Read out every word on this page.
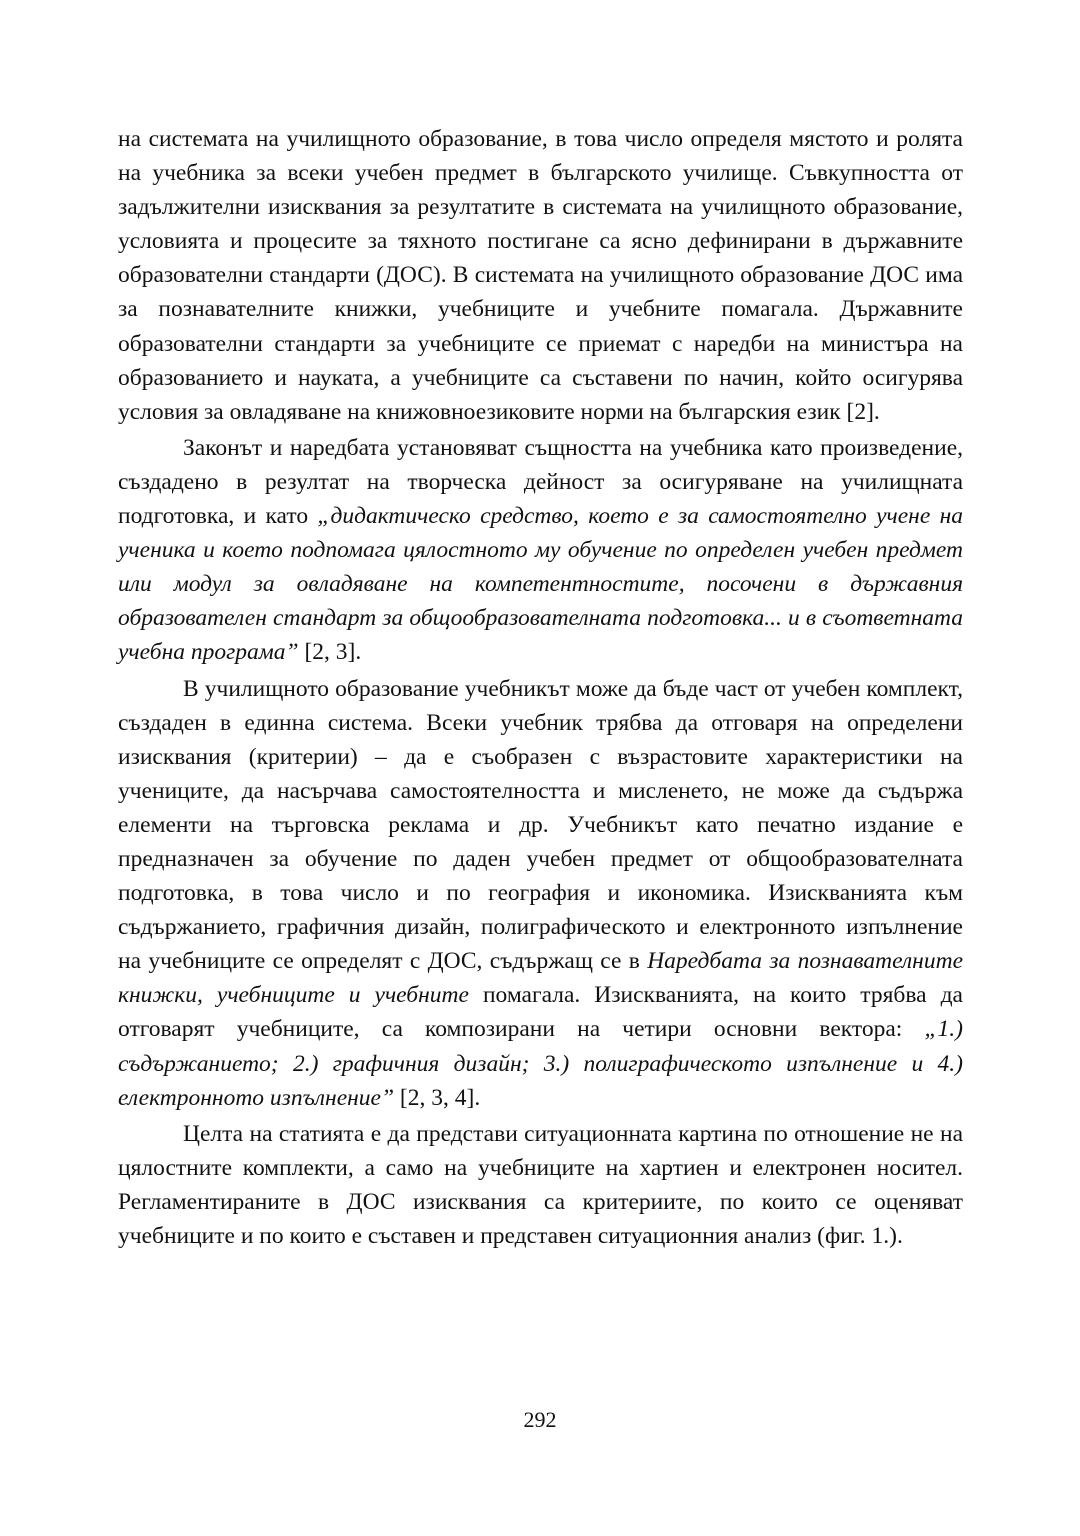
на системата на училищното образование, в това число определя мястото и ролята на учебника за всеки учебен предмет в българското училище. Съвкупността от задължителни изисквания за резултатите в системата на училищното образование, условията и процесите за тяхното постигане са ясно дефинирани в държавните образователни стандарти (ДОС). В системата на училищното образование ДОС има за познавателните книжки, учебниците и учебните помагала. Държавните образователни стандарти за учебниците се приемат с наредби на министъра на образованието и науката, а учебниците са съставени по начин, който осигурява условия за овладяване на книжовноезиковите норми на българския език [2].

Законът и наредбата установяват същността на учебника като произведение, създадено в резултат на творческа дейност за осигуряване на училищната подготовка, и като „дидактическо средство, което е за самостоятелно учене на ученика и което подпомага цялостното му обучение по определен учебен предмет или модул за овладяване на компетентностите, посочени в държавния образователен стандарт за общообразователната подготовка... и в съответната учебна програма” [2, 3].

В училищното образование учебникът може да бъде част от учебен комплект, създаден в единна система. Всеки учебник трябва да отговаря на определени изисквания (критерии) – да е съобразен с възрастовите характеристики на учениците, да насърчава самостоятелността и мисленето, не може да съдържа елементи на търговска реклама и др. Учебникът като печатно издание е предназначен за обучение по даден учебен предмет от общообразователната подготовка, в това число и по география и икономика. Изискванията към съдържанието, графичния дизайн, полиграфическото и електронното изпълнение на учебниците се определят с ДОС, съдържащ се в Наредбата за познавателните книжки, учебниците и учебните помагала. Изискванията, на които трябва да отговарят учебниците, са композирани на четири основни вектора: „1.) съдържанието; 2.) графичния дизайн; 3.) полиграфическото изпълнение и 4.) електронното изпълнение” [2, 3, 4].

Целта на статията е да представи ситуационната картина по отношение не на цялостните комплекти, а само на учебниците на хартиен и електронен носител. Регламентираните в ДОС изисквания са критериите, по които се оценяват учебниците и по които е съставен и представен ситуационния анализ (фиг. 1.).

292
